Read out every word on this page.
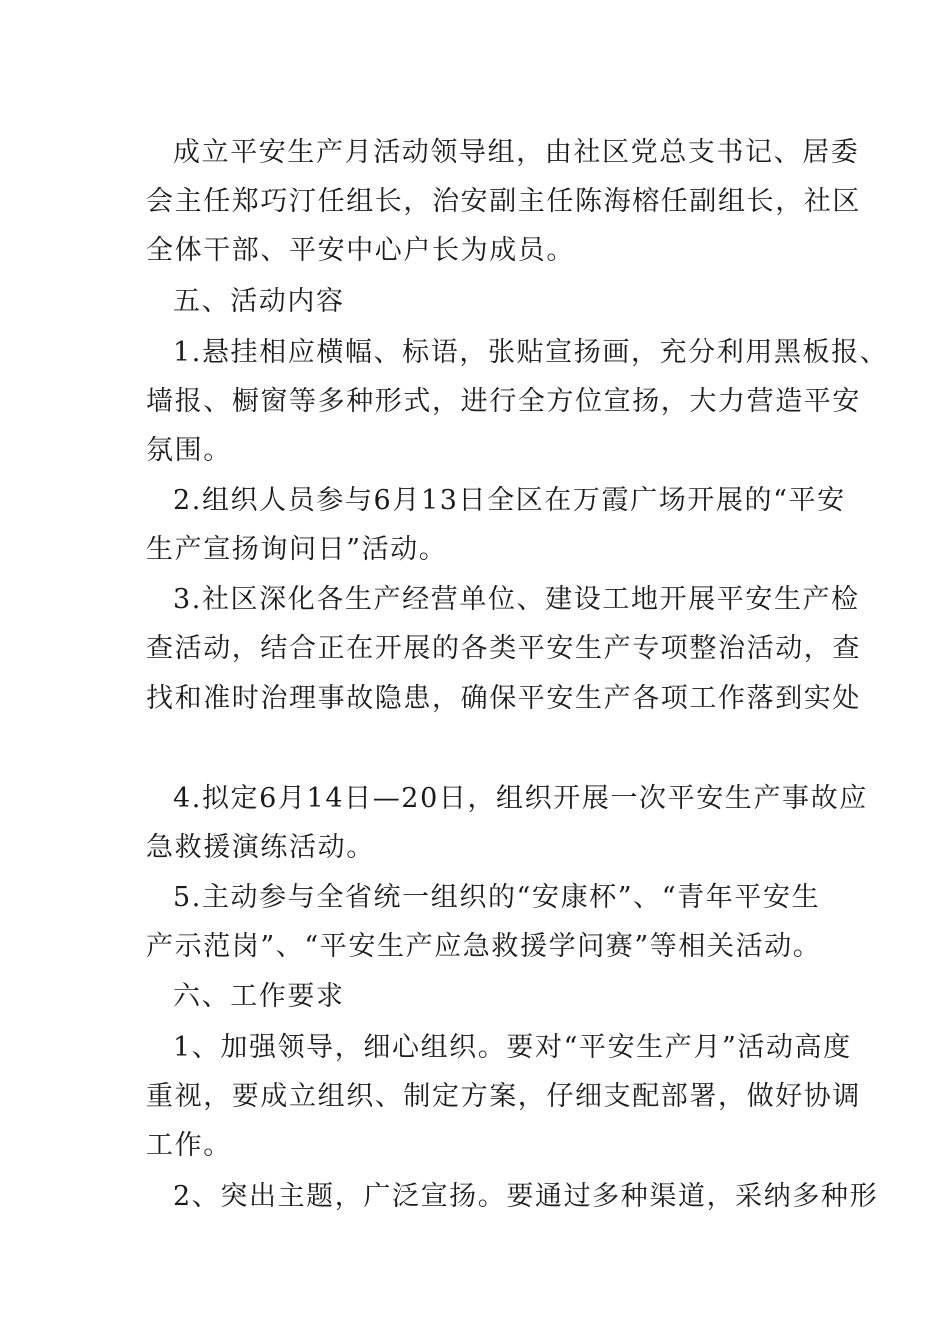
成立平安生产月活动领导组，由社区党总支书记、居委
会主任郑巧汀任组长，治安副主任陈海榕任副组长，社区
全体干部、平安中心户长为成员。
五、活动内容
1.悬挂相应横幅、标语，张贴宣扬画，充分利用黑板报、
墙报、橱窗等多种形式，进行全方位宣扬，大力营造平安
氛围。
2.组织人员参与6月13日全区在万霞广场开展的“平安
生产宣扬询问日”活动。
3.社区深化各生产经营单位、建设工地开展平安生产检
查活动，结合正在开展的各类平安生产专项整治活动，查
找和准时治理事故隐患，确保平安生产各项工作落到实处
4.拟定6月14日—20日，组织开展一次平安生产事故应
急救援演练活动。
5.主动参与全省统一组织的“安康杯”、“青年平安生
产示范岗”、“平安生产应急救援学问赛”等相关活动。
六、工作要求
1、加强领导，细心组织。要对“平安生产月”活动高度
重视，要成立组织、制定方案，仔细支配部署，做好协调
工作。
2、突出主题，广泛宣扬。要通过多种渠道，采纳多种形
